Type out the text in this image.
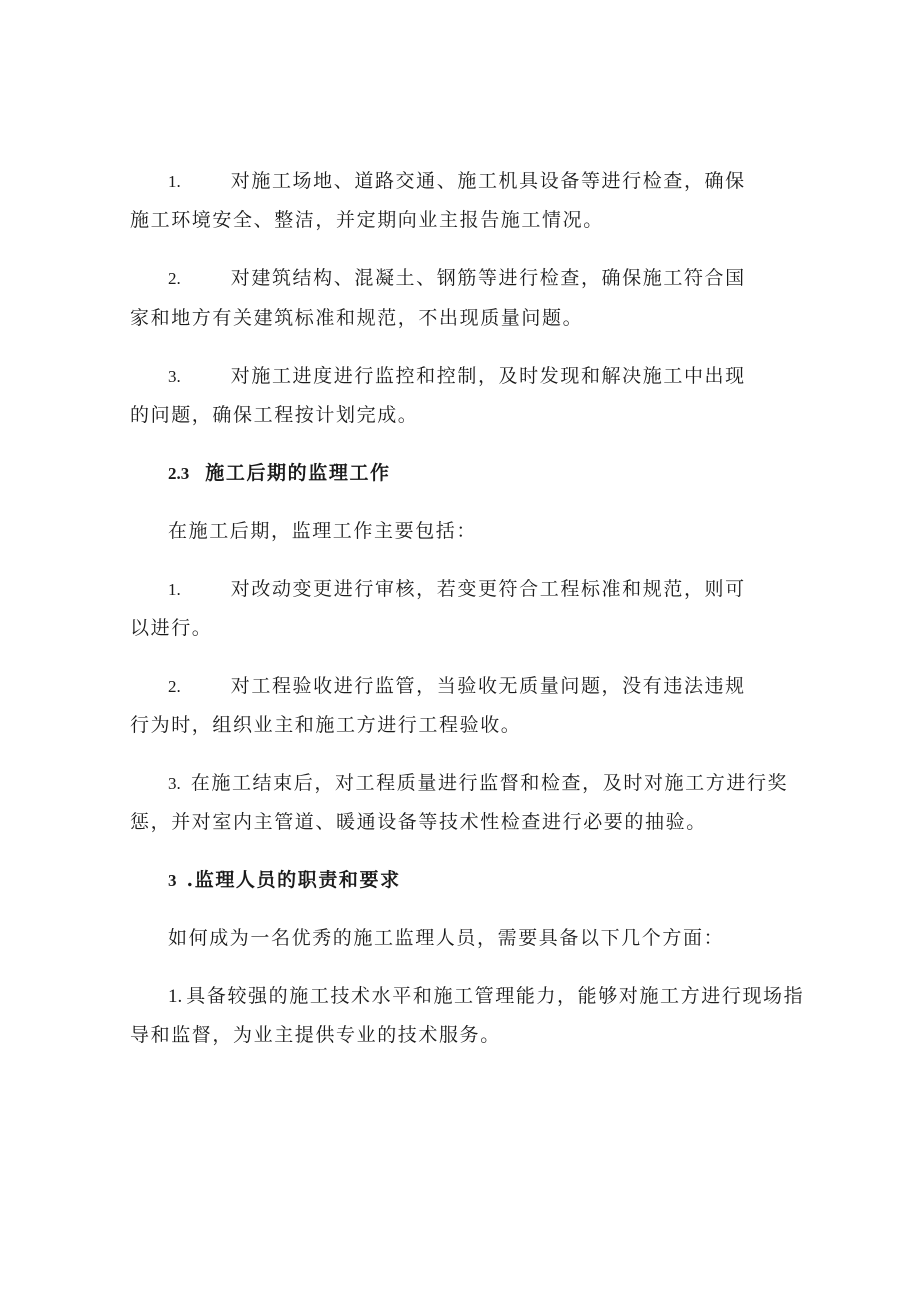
1.	对施工场地、道路交通、施工机具设备等进行检查，确保
施工环境安全、整洁，并定期向业主报告施工情况。
2.	对建筑结构、混凝土、钢筋等进行检查，确保施工符合国
家和地方有关建筑标准和规范，不出现质量问题。
3.	对施工进度进行监控和控制，及时发现和解决施工中出现
的问题，确保工程按计划完成。
2.3 施工后期的监理工作
在施工后期，监理工作主要包括：
1.	对改动变更进行审核，若变更符合工程标准和规范，则可
以进行。
2.	对工程验收进行监管，当验收无质量问题，没有违法违规
行为时，组织业主和施工方进行工程验收。
3. 在施工结束后，对工程质量进行监督和检查，及时对施工方进行奖
惩，并对室内主管道、暖通设备等技术性检查进行必要的抽验。
3 .监理人员的职责和要求
如何成为一名优秀的施工监理人员，需要具备以下几个方面：
1. 具备较强的施工技术水平和施工管理能力，能够对施工方进行现场指
导和监督，为业主提供专业的技术服务。
